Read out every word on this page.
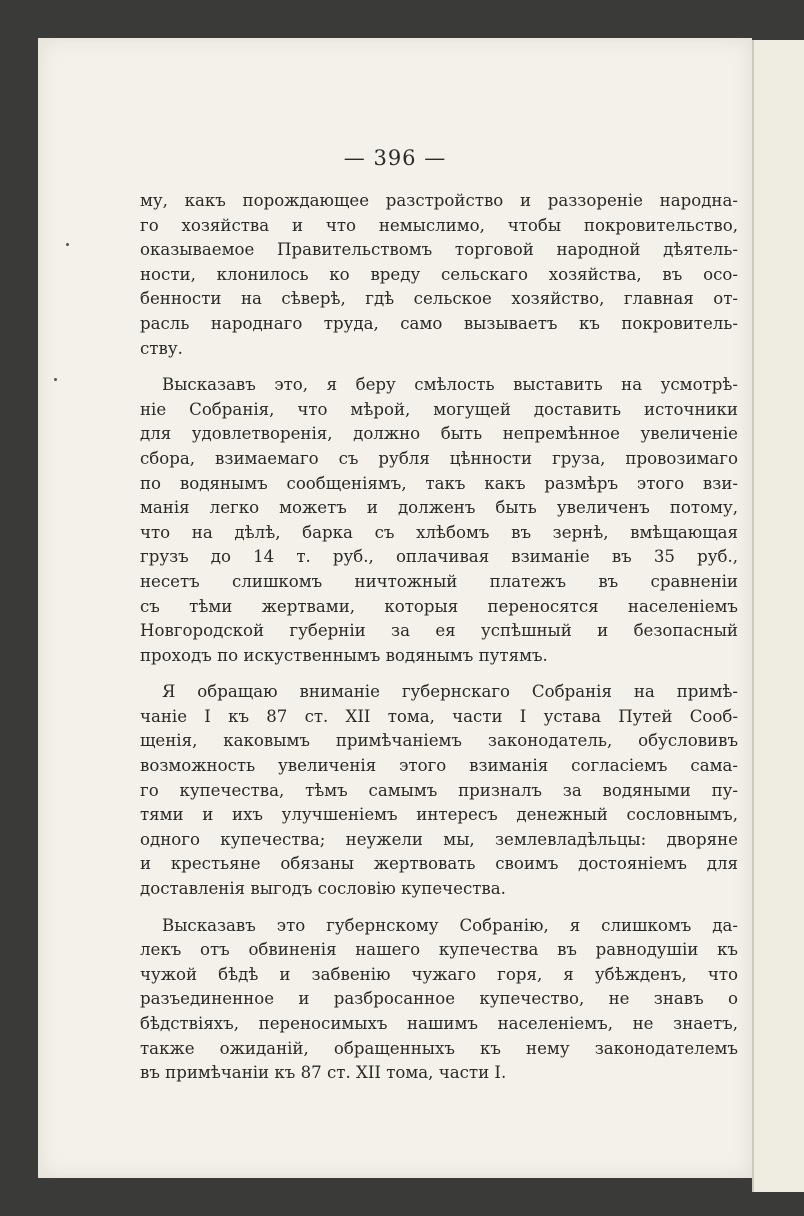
— 396 —
му, какъ порождающее разстройство и раззореніе народна-
го хозяйства и что немыслимо, чтобы покровительство,
оказываемое Правительствомъ торговой народной дѣятель-
ности, клонилось ко вреду сельскаго хозяйства, въ осо-
бенности на сѣверѣ, гдѣ сельское хозяйство, главная от-
расль народнаго труда, само вызываетъ къ покровитель-
ству.
Высказавъ это, я беру смѣлость выставить на усмотрѣ-
ніе Собранія, что мѣрой, могущей доставить источники
для удовлетворенія, должно быть непремѣнное увеличеніе
сбора, взимаемаго съ рубля цѣнности груза, провозимаго
по водянымъ сообщеніямъ, такъ какъ размѣръ этого взи-
манія легко можетъ и долженъ быть увеличенъ потому,
что на дѣлѣ, барка съ хлѣбомъ въ зернѣ, вмѣщающая
грузъ до 14 т. руб., оплачивая взиманіе въ 35 руб.,
несетъ слишкомъ ничтожный платежъ въ сравненіи
съ тѣми жертвами, которыя переносятся населеніемъ
Новгородской губерніи за ея успѣшный и безопасный
проходъ по искуственнымъ водянымъ путямъ.
Я обращаю вниманіе губернскаго Собранія на примѣ-
чаніе I къ 87 ст. XII тома, части I устава Путей Сооб-
щенія, каковымъ примѣчаніемъ законодатель, обусловивъ
возможность увеличенія этого взиманія согласіемъ сама-
го купечества, тѣмъ самымъ призналъ за водяными пу-
тями и ихъ улучшеніемъ интересъ денежный сословнымъ,
одного купечества; неужели мы, землевладѣльцы: дворяне
и крестьяне обязаны жертвовать своимъ достояніемъ для
доставленія выгодъ сословію купечества.
Высказавъ это губернскому Собранію, я слишкомъ да-
лекъ отъ обвиненія нашего купечества въ равнодушіи къ
чужой бѣдѣ и забвенію чужаго горя, я убѣжденъ, что
разъединенное и разбросанное купечество, не знавъ о
бѣдствіяхъ, переносимыхъ нашимъ населеніемъ, не знаетъ,
также ожиданій, обращенныхъ къ нему законодателемъ
въ примѣчаніи къ 87 ст. XII тома, части I.
